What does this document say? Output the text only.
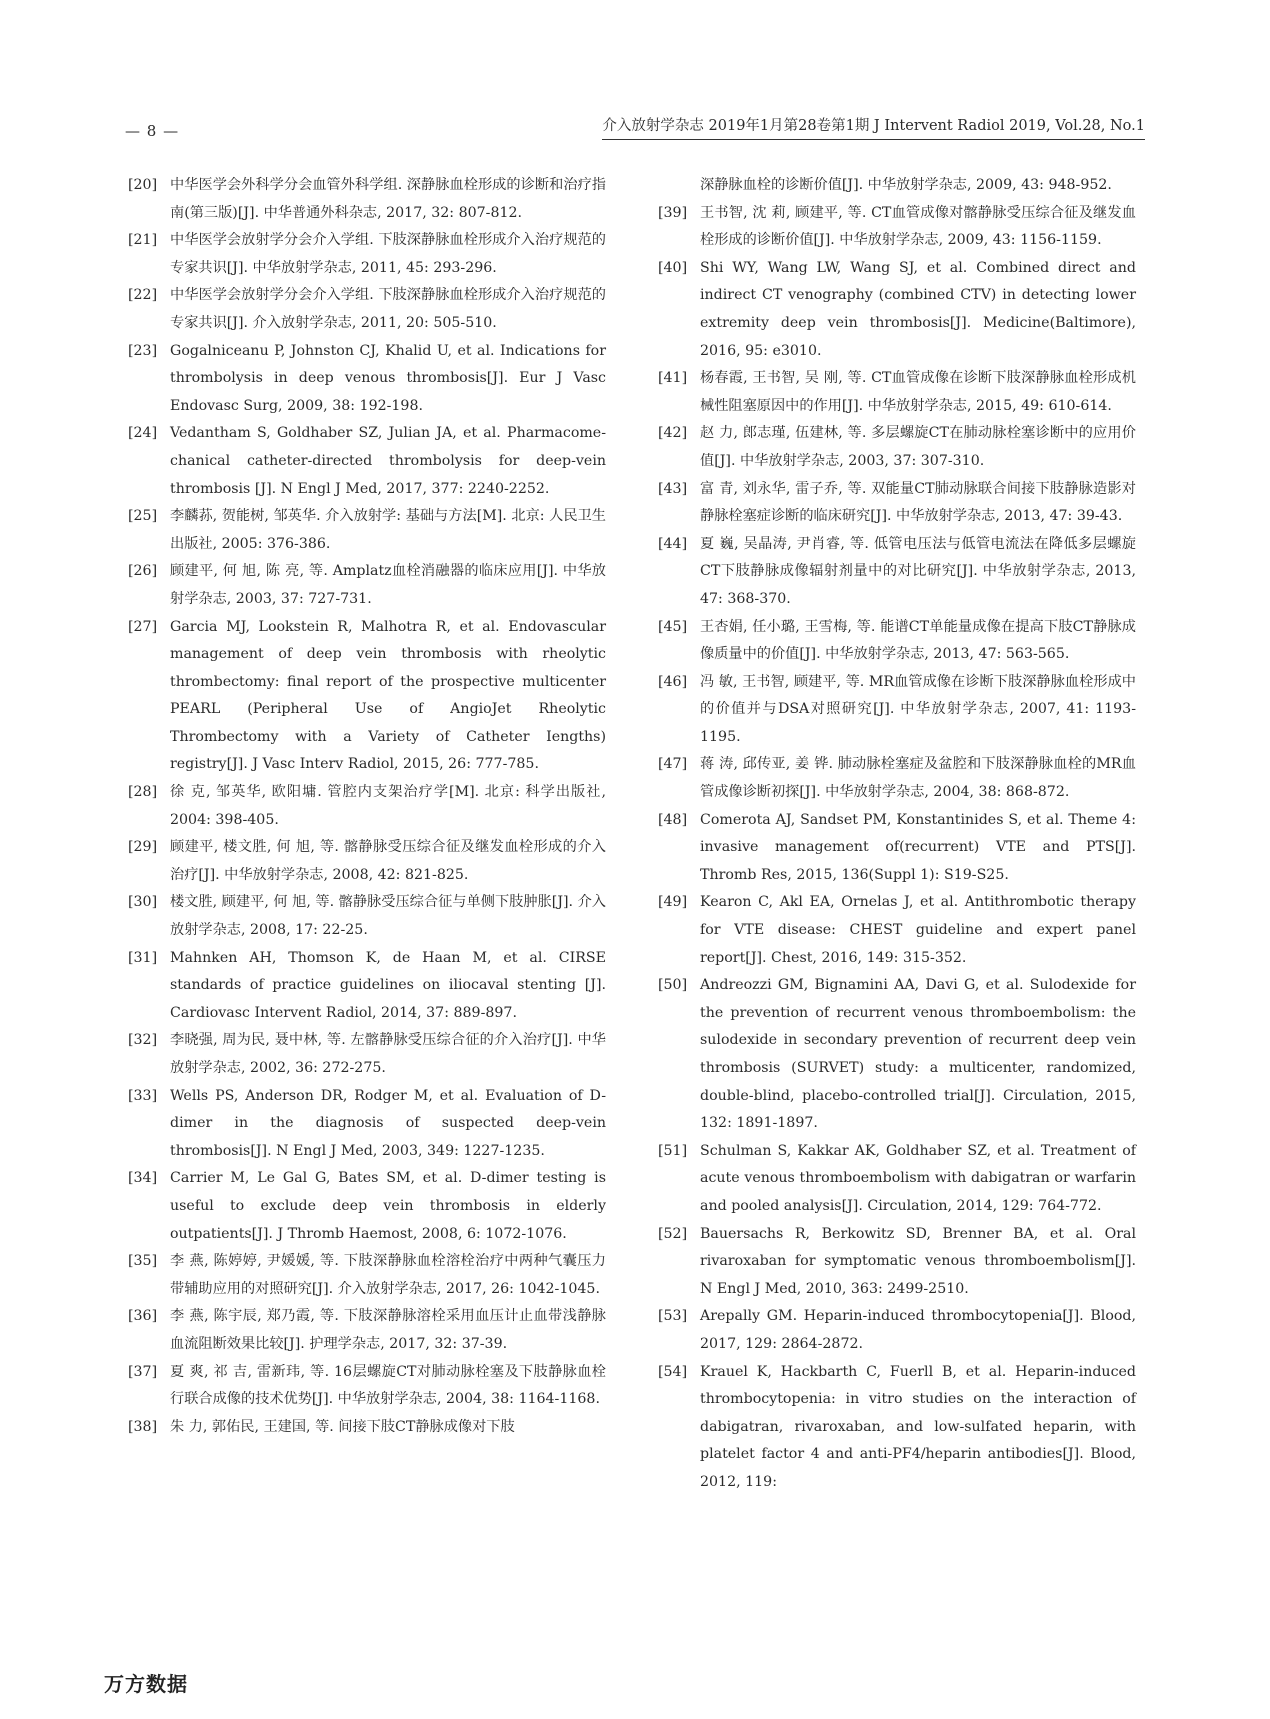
— 8 —	介入放射学杂志 2019年1月第28卷第1期 J Intervent Radiol 2019, Vol.28, No.1

[20] 中华医学会外科学分会血管外科学组. 深静脉血栓形成的诊断和治疗指南(第三版)[J]. 中华普通外科杂志, 2017, 32: 807-812.

[21] 中华医学会放射学分会介入学组. 下肢深静脉血栓形成介入治疗规范的专家共识[J]. 中华放射学杂志, 2011, 45: 293-296.

[22] 中华医学会放射学分会介入学组. 下肢深静脉血栓形成介入治疗规范的专家共识[J]. 介入放射学杂志, 2011, 20: 505-510.

[23] Gogalniceanu P, Johnston CJ, Khalid U, et al. Indications for thrombolysis in deep venous thrombosis[J]. Eur J Vasc Endovasc Surg, 2009, 38: 192-198.

[24] Vedantham S, Goldhaber SZ, Julian JA, et al. Pharmacome-chanical catheter-directed thrombolysis for deep-vein thrombosis [J]. N Engl J Med, 2017, 377: 2240-2252.

[25] 李麟荪, 贺能树, 邹英华. 介入放射学: 基础与方法[M]. 北京: 人民卫生出版社, 2005: 376-386.

[26] 顾建平, 何 旭, 陈 亮, 等. Amplatz血栓消融器的临床应用[J]. 中华放射学杂志, 2003, 37: 727-731.

[27] Garcia MJ, Lookstein R, Malhotra R, et al. Endovascular management of deep vein thrombosis with rheolytic thrombectomy: final report of the prospective multicenter PEARL (Peripheral Use of AngioJet Rheolytic Thrombectomy with a Variety of Catheter Iengths) registry[J]. J Vasc Interv Radiol, 2015, 26: 777-785.

[28] 徐 克, 邹英华, 欧阳墉. 管腔内支架治疗学[M]. 北京: 科学出版社, 2004: 398-405.

[29] 顾建平, 楼文胜, 何 旭, 等. 髂静脉受压综合征及继发血栓形成的介入治疗[J]. 中华放射学杂志, 2008, 42: 821-825.

[30] 楼文胜, 顾建平, 何 旭, 等. 髂静脉受压综合征与单侧下肢肿胀[J]. 介入放射学杂志, 2008, 17: 22-25.

[31] Mahnken AH, Thomson K, de Haan M, et al. CIRSE standards of practice guidelines on iliocaval stenting [J]. Cardiovasc Intervent Radiol, 2014, 37: 889-897.

[32] 李晓强, 周为民, 聂中林, 等. 左髂静脉受压综合征的介入治疗[J]. 中华放射学杂志, 2002, 36: 272-275.

[33] Wells PS, Anderson DR, Rodger M, et al. Evaluation of D-dimer in the diagnosis of suspected deep-vein thrombosis[J]. N Engl J Med, 2003, 349: 1227-1235.

[34] Carrier M, Le Gal G, Bates SM, et al. D-dimer testing is useful to exclude deep vein thrombosis in elderly outpatients[J]. J Thromb Haemost, 2008, 6: 1072-1076.

[35] 李 燕, 陈婷婷, 尹媛媛, 等. 下肢深静脉血栓溶栓治疗中两种气囊压力带辅助应用的对照研究[J]. 介入放射学杂志, 2017, 26: 1042-1045.

[36] 李 燕, 陈宇辰, 郑乃霞, 等. 下肢深静脉溶栓采用血压计止血带浅静脉血流阻断效果比较[J]. 护理学杂志, 2017, 32: 37-39.

[37] 夏 爽, 祁 吉, 雷新玮, 等. 16层螺旋CT对肺动脉栓塞及下肢静脉血栓行联合成像的技术优势[J]. 中华放射学杂志, 2004, 38: 1164-1168.

[38] 朱 力, 郭佑民, 王建国, 等. 间接下肢CT静脉成像对下肢

深静脉血栓的诊断价值[J]. 中华放射学杂志, 2009, 43: 948-952.

[39] 王书智, 沈 莉, 顾建平, 等. CT血管成像对髂静脉受压综合征及继发血栓形成的诊断价值[J]. 中华放射学杂志, 2009, 43: 1156-1159.

[40] Shi WY, Wang LW, Wang SJ, et al. Combined direct and indirect CT venography (combined CTV) in detecting lower extremity deep vein thrombosis[J]. Medicine(Baltimore), 2016, 95: e3010.

[41] 杨春霞, 王书智, 吴 刚, 等. CT血管成像在诊断下肢深静脉血栓形成机械性阻塞原因中的作用[J]. 中华放射学杂志, 2015, 49: 610-614.

[42] 赵 力, 郎志瑾, 伍建林, 等. 多层螺旋CT在肺动脉栓塞诊断中的应用价值[J]. 中华放射学杂志, 2003, 37: 307-310.

[43] 富 青, 刘永华, 雷子乔, 等. 双能量CT肺动脉联合间接下肢静脉造影对静脉栓塞症诊断的临床研究[J]. 中华放射学杂志, 2013, 47: 39-43.

[44] 夏 巍, 吴晶涛, 尹肖睿, 等. 低管电压法与低管电流法在降低多层螺旋CT下肢静脉成像辐射剂量中的对比研究[J]. 中华放射学杂志, 2013, 47: 368-370.

[45] 王杏娟, 任小璐, 王雪梅, 等. 能谱CT单能量成像在提高下肢CT静脉成像质量中的价值[J]. 中华放射学杂志, 2013, 47: 563-565.

[46] 冯 敏, 王书智, 顾建平, 等. MR血管成像在诊断下肢深静脉血栓形成中的价值并与DSA对照研究[J]. 中华放射学杂志, 2007, 41: 1193-1195.

[47] 蒋 涛, 邱传亚, 姜 铧. 肺动脉栓塞症及盆腔和下肢深静脉血栓的MR血管成像诊断初探[J]. 中华放射学杂志, 2004, 38: 868-872.

[48] Comerota AJ, Sandset PM, Konstantinides S, et al. Theme 4: invasive management of(recurrent) VTE and PTS[J]. Thromb Res, 2015, 136(Suppl 1): S19-S25.

[49] Kearon C, Akl EA, Ornelas J, et al. Antithrombotic therapy for VTE disease: CHEST guideline and expert panel report[J]. Chest, 2016, 149: 315-352.

[50] Andreozzi GM, Bignamini AA, Davi G, et al. Sulodexide for the prevention of recurrent venous thromboembolism: the sulodexide in secondary prevention of recurrent deep vein thrombosis (SURVET) study: a multicenter, randomized, double-blind, placebo-controlled trial[J]. Circulation, 2015, 132: 1891-1897.

[51] Schulman S, Kakkar AK, Goldhaber SZ, et al. Treatment of acute venous thromboembolism with dabigatran or warfarin and pooled analysis[J]. Circulation, 2014, 129: 764-772.

[52] Bauersachs R, Berkowitz SD, Brenner BA, et al. Oral rivaroxaban for symptomatic venous thromboembolism[J]. N Engl J Med, 2010, 363: 2499-2510.

[53] Arepally GM. Heparin-induced thrombocytopenia[J]. Blood, 2017, 129: 2864-2872.

[54] Krauel K, Hackbarth C, Fuerll B, et al. Heparin-induced thrombocytopenia: in vitro studies on the interaction of dabigatran, rivaroxaban, and low-sulfated heparin, with platelet factor 4 and anti-PF4/heparin antibodies[J]. Blood, 2012, 119:

万方数据
